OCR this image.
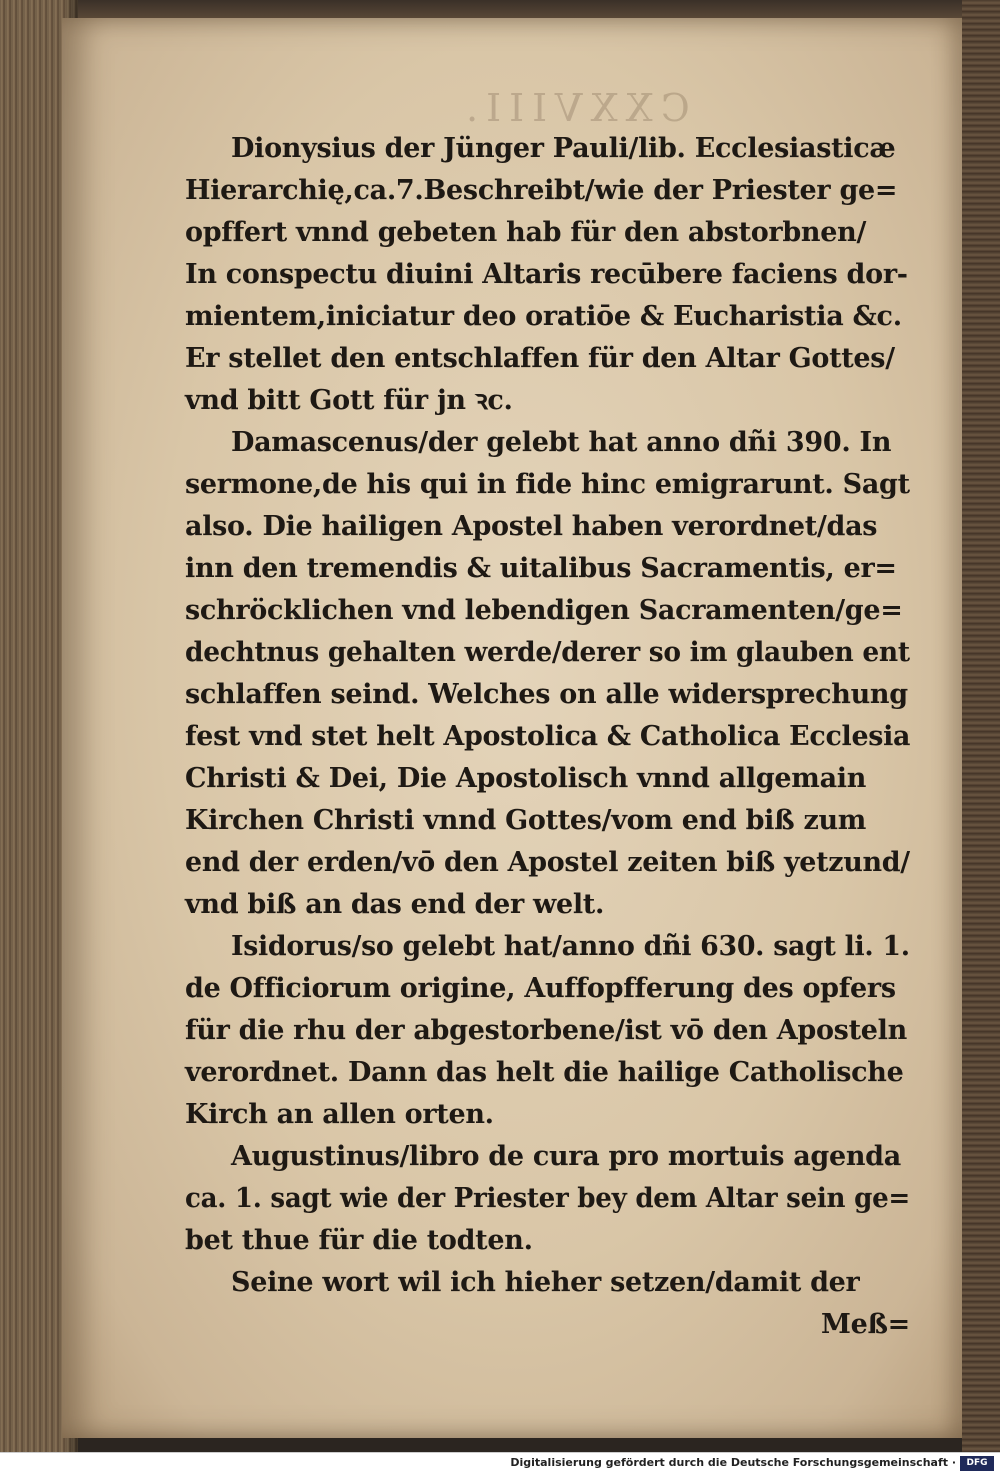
CXXVIII.
Dionysius der Jünger Pauli/lib. Ecclesiasticæ
Hierarchię,ca.7.Beschreibt/wie der Priester ge=
opffert vnnd gebeten hab für den abstorbnen/
In conspectu diuini Altaris recūbere faciens dor-
mientem,iniciatur deo oratiōe & Eucharistia &c.
Er stellet den entschlaffen für den Altar Gottes/
vnd bitt Gott für jn ꝛc.
Damascenus/der gelebt hat anno dñi 390. In
sermone,de his qui in fide hinc emigrarunt. Sagt
also. Die hailigen Apostel haben verordnet/das
inn den tremendis & uitalibus Sacramentis, er=
schröcklichen vnd lebendigen Sacramenten/ge=
dechtnus gehalten werde/derer so im glauben ent
schlaffen seind. Welches on alle widersprechung
fest vnd stet helt Apostolica & Catholica Ecclesia
Christi & Dei, Die Apostolisch vnnd allgemain
Kirchen Christi vnnd Gottes/vom end biß zum
end der erden/vō den Apostel zeiten biß yetzund/
vnd biß an das end der welt.
Isidorus/so gelebt hat/anno dñi 630. sagt li. 1.
de Officiorum origine, Auffopfferung des opfers
für die rhu der abgestorbene/ist vō den Aposteln
verordnet. Dann das helt die hailige Catholische
Kirch an allen orten.
Augustinus/libro de cura pro mortuis agenda
ca. 1. sagt wie der Priester bey dem Altar sein ge=
bet thue für die todten.
Seine wort wil ich hieher setzen/damit der
Meß=
Digitalisierung gefördert durch die Deutsche Forschungsgemeinschaft ·	DFG
